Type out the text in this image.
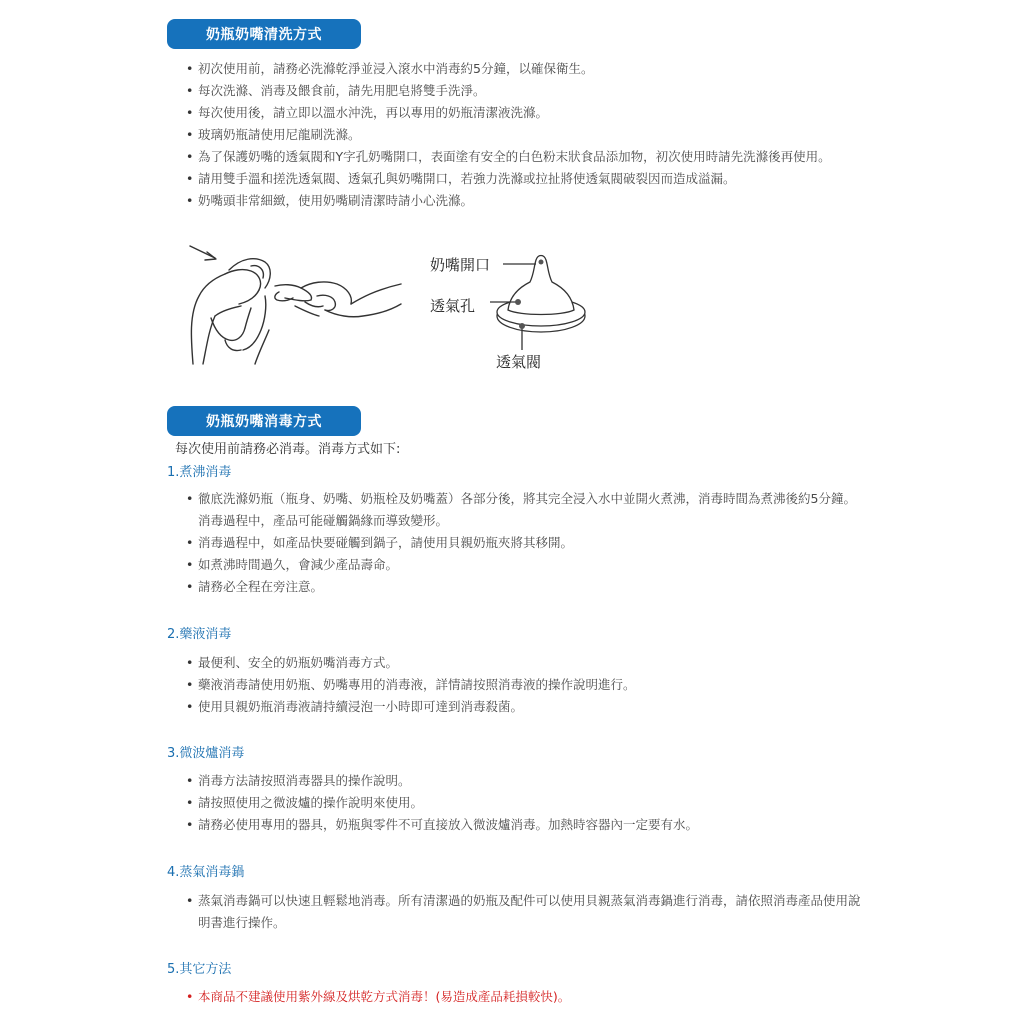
奶瓶奶嘴清洗方式
• 初次使用前，請務必洗滌乾淨並浸入滾水中消毒約5分鐘，以確保衛生。
• 每次洗滌、消毒及餵食前，請先用肥皂將雙手洗淨。
• 每次使用後，請立即以溫水沖洗，再以專用的奶瓶清潔液洗滌。
• 玻璃奶瓶請使用尼龍刷洗滌。
• 為了保護奶嘴的透氣閥和Y字孔奶嘴開口，表面塗有安全的白色粉末狀食品添加物，初次使用時請先洗滌後再使用。
• 請用雙手溫和搓洗透氣閥、透氣孔與奶嘴開口，若強力洗滌或拉扯將使透氣閥破裂因而造成溢漏。
• 奶嘴頭非常細緻，使用奶嘴刷清潔時請小心洗滌。
奶嘴開口
透氣孔
透氣閥
奶瓶奶嘴消毒方式
每次使用前請務必消毒。消毒方式如下:
1.煮沸消毒
• 徹底洗滌奶瓶（瓶身、奶嘴、奶瓶栓及奶嘴蓋）各部分後，將其完全浸入水中並開火煮沸，消毒時間為煮沸後約5分鐘。消毒過程中，產品可能碰觸鍋緣而導致變形。
• 消毒過程中，如產品快要碰觸到鍋子，請使用貝親奶瓶夾將其移開。
• 如煮沸時間過久，會減少產品壽命。
• 請務必全程在旁注意。
2.藥液消毒
• 最便利、安全的奶瓶奶嘴消毒方式。
• 藥液消毒請使用奶瓶、奶嘴專用的消毒液，詳情請按照消毒液的操作說明進行。
• 使用貝親奶瓶消毒液請持續浸泡一小時即可達到消毒殺菌。
3.微波爐消毒
• 消毒方法請按照消毒器具的操作說明。
• 請按照使用之微波爐的操作說明來使用。
• 請務必使用專用的器具，奶瓶與零件不可直接放入微波爐消毒。加熱時容器內一定要有水。
4.蒸氣消毒鍋
• 蒸氣消毒鍋可以快速且輕鬆地消毒。所有清潔過的奶瓶及配件可以使用貝親蒸氣消毒鍋進行消毒，請依照消毒產品使用說明書進行操作。
5.其它方法
• 本商品不建議使用紫外線及烘乾方式消毒！(易造成產品耗損較快)。
